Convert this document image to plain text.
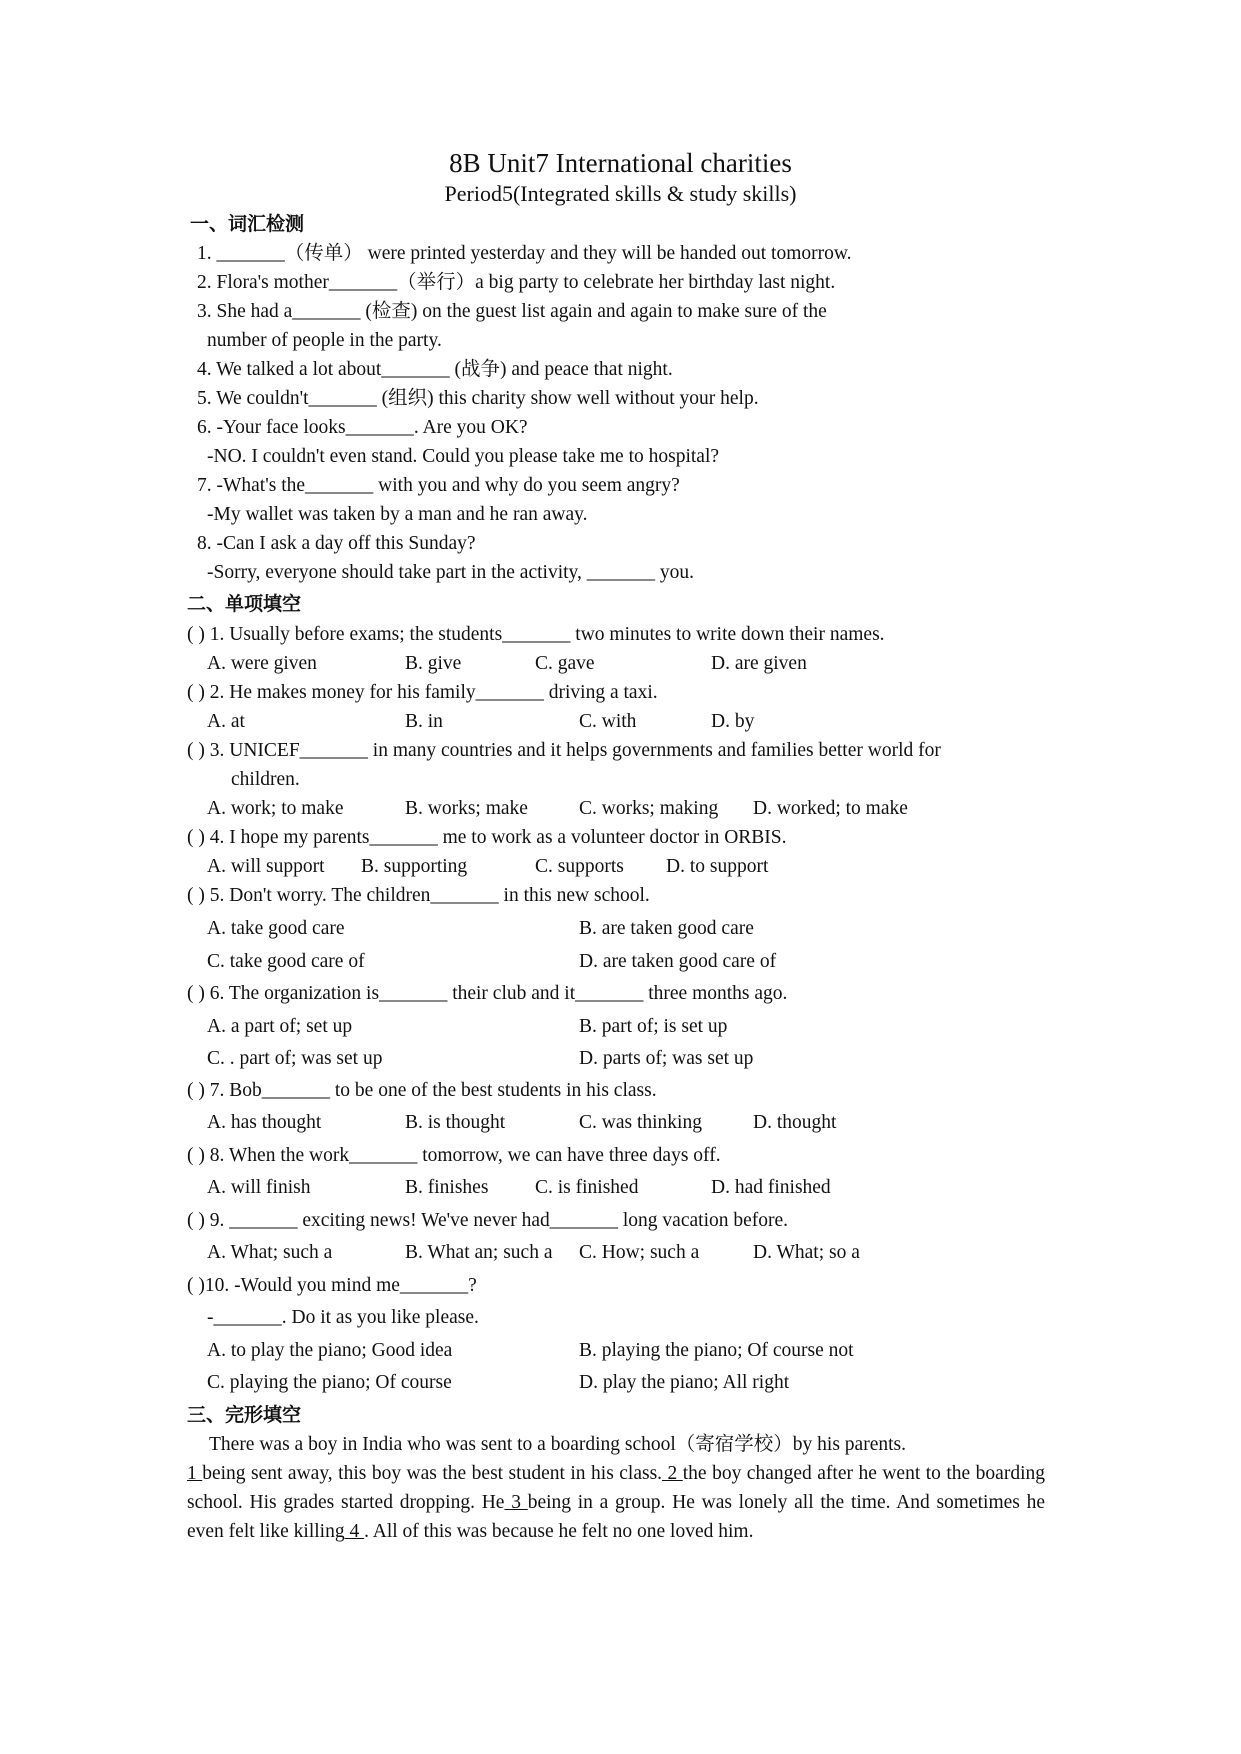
8B Unit7 International charities
Period5(Integrated skills & study skills)
一、词汇检测
1. _______（传单） were printed yesterday and they will be handed out tomorrow.
2. Flora's mother_______（举行）a big party to celebrate her birthday last night.
3. She had a_______ (检查) on the guest list again and again to make sure of the
number of people in the party.
4. We talked a lot about_______ (战争) and peace that night.
5. We couldn't_______ (组织) this charity show well without your help.
6. -Your face looks_______. Are you OK?
-NO. I couldn't even stand. Could you please take me to hospital?
7. -What's the_______ with you and why do you seem angry?
-My wallet was taken by a man and he ran away.
8. -Can I ask a day off this Sunday?
-Sorry, everyone should take part in the activity, _______ you.
二、单项填空
( ) 1. Usually before exams; the students_______ two minutes to write down their names.
A. were given	B. give	C. gave	D. are given
( ) 2. He makes money for his family_______ driving a taxi.
A. at	B. in	C. with	D. by
( ) 3. UNICEF_______ in many countries and it helps governments and families better world for
children.
A. work; to make	B. works; make	C. works; making D. worked; to make
( ) 4. I hope my parents_______ me to work as a volunteer doctor in ORBIS.
A. will support B. supporting	C. supports D. to support
( ) 5. Don't worry. The children_______ in this new school.
A. take good care	B. are taken good care
C. take good care of	D. are taken good care of
( ) 6. The organization is_______ their club and it_______ three months ago.
A. a part of; set up	B. part of; is set up
C. . part of; was set up	D. parts of; was set up
( ) 7. Bob_______ to be one of the best students in his class.
A. has thought	B. is thought	C. was thinking	D. thought
( ) 8. When the work_______ tomorrow, we can have three days off.
A. will finish	B. finishes C. is finished	D. had finished
( ) 9. _______ exciting news! We've never had_______ long vacation before.
A. What; such a	B. What an; such a C. How; such a	D. What; so a
( )10. -Would you mind me_______?
-_______. Do it as you like please.
A. to play the piano; Good idea	B. playing the piano; Of course not
C. playing the piano; Of course	D. play the piano; All right
三、完形填空
There was a boy in India who was sent to a boarding school（寄宿学校）by his parents.
1 being sent away, this boy was the best student in his class. 2 the boy changed after he went to the boarding school. His grades started dropping. He 3 being in a group. He was lonely all the time. And sometimes he even felt like killing 4 . All of this was because he felt no one loved him.
